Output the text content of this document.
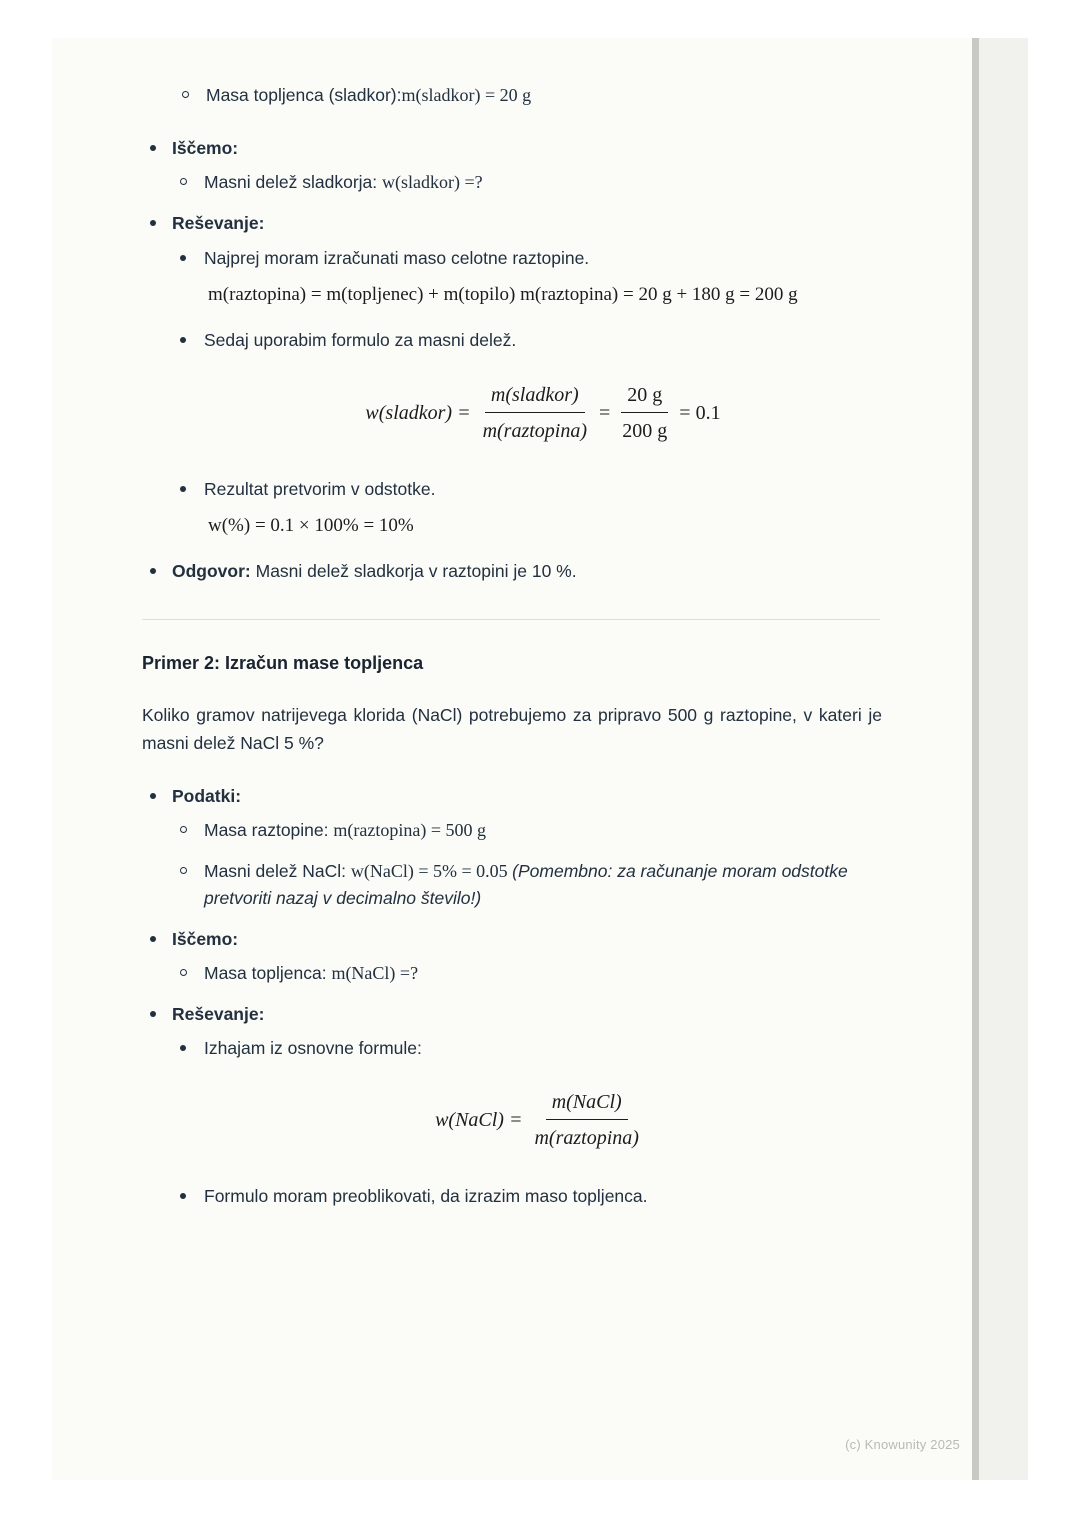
Masa topljenca (sladkor):m(sladkor) = 20 g
Iščemo:
Masni delež sladkorja: w(sladkor) =?
Reševanje:
Najprej moram izračunati maso celotne raztopine.
m(raztopina) = m(topljenec) + m(topilo) m(raztopina) = 20 g + 180 g = 200 g
Sedaj uporabim formulo za masni delež.
w(sladkor) = $\frac{\text{m(sladkor)}}{\text{m(raztopina)}} = \frac{20 g}{200 g} = 0.1$
Rezultat pretvorim v odstotke.
w(%) = 0.1 × 100% = 10%
Odgovor: Masni delež sladkorja v raztopini je 10 %.
Primer 2: Izračun mase topljenca
Koliko gramov natrijevega klorida (NaCl) potrebujemo za pripravo 500 g raztopine, v kateri je masni delež NaCl 5 %?
Podatki:
Masa raztopine: m(raztopina) = 500 g
Masni delež NaCl: w(NaCl) = 5% = 0.05 (Pomembno: za računanje moram odstotke pretvoriti nazaj v decimalno število!)
Iščemo:
Masa topljenca: m(NaCl) =?
Reševanje:
Izhajam iz osnovne formule:
w(NaCl) = $\frac{\text{m(NaCl)}}{\text{m(raztopina)}}$
Formulo moram preoblikovati, da izrazim maso topljenca.
(c) Knowunity 2025
